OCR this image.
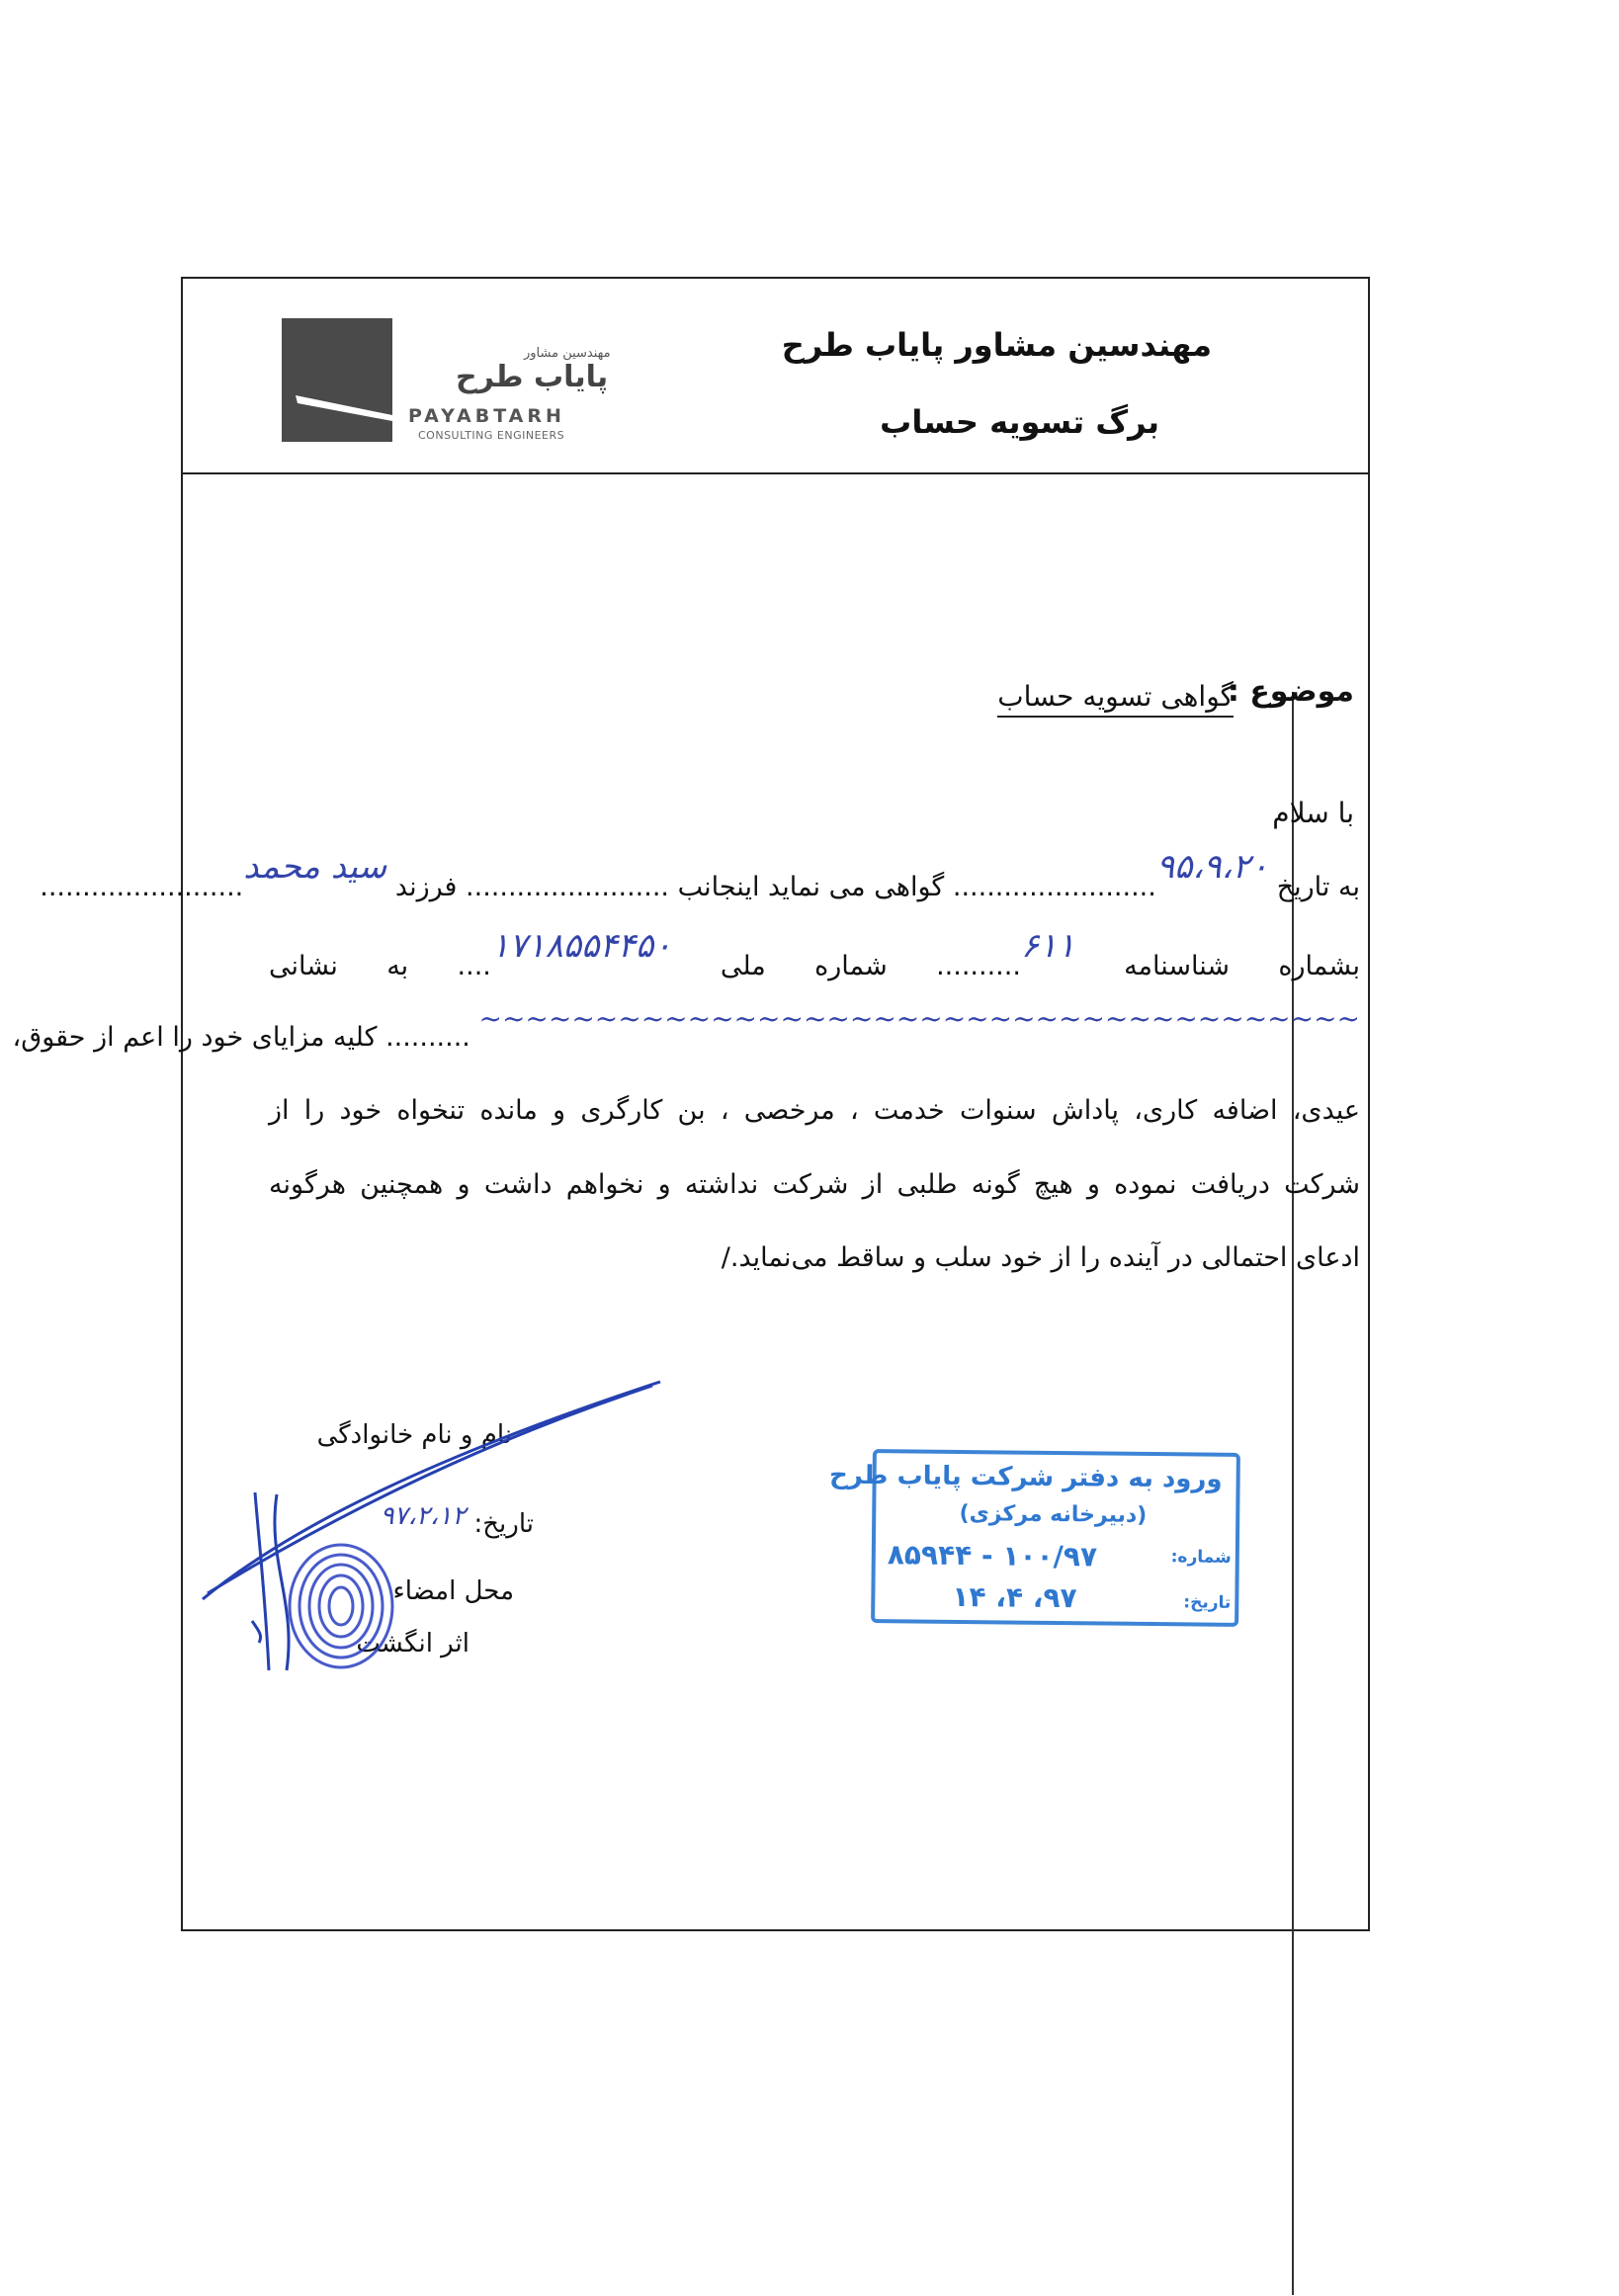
مهندسین مشاور پایاب طرح
برگ تسویه حساب
مهندسین مشاور
پایاب طرح
PAYABTARH
CONSULTING ENGINEERS
موضوع :
گواهی تسویه حساب
با سلام
به تاریخ ۹۵،۹،۲۰........................ گواهی می نماید اینجانب ........................ فرزند سید محمد........................
بشماره شناسنامه ۶۱۱.......... شماره ملی ۱۷۱۸۵۵۴۴۵۰.... به نشانی
~~~~~~~~~~~~~~~~~~~~~~~~~~~~~~~~~~~~~~ .......... کلیه مزایای خود را اعم از حقوق،
عیدی، اضافه کاری، پاداش سنوات خدمت ، مرخصی ، بن کارگری و مانده تنخواه خود را از
شرکت دریافت نموده و هیچ گونه طلبی از شرکت نداشته و نخواهم داشت و همچنین هرگونه
ادعای احتمالی در آینده را از خود سلب و ساقط می‌نماید./
نام و نام خانوادگی
تاریخ: ۹۷،۲،۱۲
محل امضاء
اثر انگشت
ورود به دفتر شرکت پایاب طرح
(دبیرخانه مرکزی)
شماره:
۱۰۰/۹۷ - ۸۵۹۴۴
تاریخ:
۹۷، ۴، ۱۴
